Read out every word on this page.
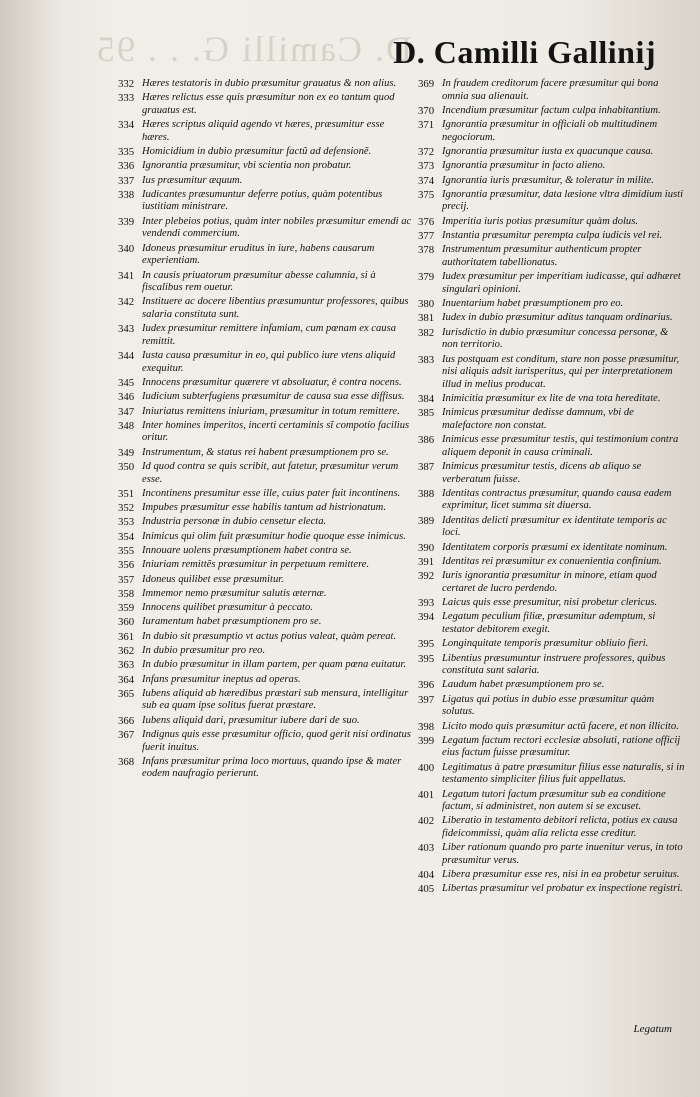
D. Camilli G. . . 95
D. Camilli Gallinij
332 Hæres testatoris in dubio præsumitur grauatus & non alius.
333 Hæres relictus esse quis præsumitur non ex eo tantum quod grauatus est.
334 Hæres scriptus aliquid agendo vt hæres, præsumitur esse hæres.
335 Homicidium in dubio præsumitur factũ ad defensionẽ.
336 Ignorantia præsumitur, vbi scientia non probatur.
337 Ius præsumitur æquum.
338 Iudicantes præsumuntur deferre potius, quàm potentibus iustitiam ministrare.
339 Inter plebeios potius, quàm inter nobiles præsumitur emendi ac vendendi commercium.
340 Idoneus præsumitur eruditus in iure, habens causarum experientiam.
341 In causis priuatorum præsumitur abesse calumnia, si à fiscalibus rem ouetur.
342 Instituere ac docere libentius præsumuntur professores, quibus salaria constituta sunt.
343 Iudex præsumitur remittere infamiam, cum pœnam ex causa remittit.
344 Iusta causa præsumitur in eo, qui publico iure vtens aliquid exequitur.
345 Innocens præsumitur quærere vt absoluatur, è contra nocens.
346 Iudicium subterfugiens præsumitur de causa sua esse diffisus.
347 Iniuriatus remittens iniuriam, præsumitur in totum remittere.
348 Inter homines imperitos, incerti certaminis sĩ compotio facilius oritur.
349 Instrumentum, & status rei habent præsumptionem pro se.
350 Id quod contra se quis scribit, aut fatetur, præsumitur verum esse.
351 Incontinens presumitur esse ille, cuius pater fuit incontinens.
352 Impubes præsumitur esse habilis tantum ad histrionatum.
353 Industria personæ in dubio censetur electa.
354 Inimicus qui olim fuit præsumitur hodie quoque esse inimicus.
355 Innouare uolens præsumptionem habet contra se.
356 Iniuriam remittẽs præsumitur in perpetuum remittere.
357 Idoneus quilibet esse præsumitur.
358 Immemor nemo præsumitur salutis æternæ.
359 Innocens quilibet præsumitur à peccato.
360 Iuramentum habet præsumptionem pro se.
361 In dubio sit præsumptio vt actus potius valeat, quàm pereat.
362 In dubio præsumitur pro reo.
363 In dubio præsumitur in illam partem, per quam pœna euitatur.
364 Infans præsumitur ineptus ad operas.
365 Iubens aliquid ab hæredibus præstari sub mensura, intelligitur sub ea quam ipse solitus fuerat præstare.
366 Iubens aliquid dari, præsumitur iubere dari de suo.
367 Indignus quis esse præsumitur officio, quod gerit nisi ordinatus fuerit inuitus.
368 Infans præsumitur prima loco mortuus, quando ipse & mater eodem naufragio perierunt.
369 In fraudem creditorum facere præsumitur qui bona omnia sua alienauit.
370 Incendium præsumitur factum culpa inhabitantium.
371 Ignorantia præsumitur in officiali ob multitudinem negociorum.
372 Ignorantia præsumitur iusta ex quacunque causa.
373 Ignorantia præsumitur in facto alieno.
374 Ignorantia iuris præsumitur, & toleratur in milite.
375 Ignorantia præsumitur, data læsione vltra dimidium iusti precij.
376 Imperitia iuris potius præsumitur quàm dolus.
377 Instantia præsumitur perempta culpa iudicis vel rei.
378 Instrumentum præsumitur authenticum propter authoritatem tabellionatus.
379 Iudex præsumitur per imperitiam iudicasse, qui adhæret singulari opinioni.
380 Inuentarium habet præsumptionem pro eo.
381 Iudex in dubio præsumitur aditus tanquam ordinarius.
382 Iurisdictio in dubio præsumitur concessa personæ, & non territorio.
383 Ius postquam est conditum, stare non posse præsumitur, nisi aliquis adsit iurisperitus, qui per interpretationem illud in melius producat.
384 Inimicitia præsumitur ex lite de vna tota hereditate.
385 Inimicus præsumitur dedisse damnum, vbi de malefactore non constat.
386 Inimicus esse præsumitur testis, qui testimonium contra aliquem deponit in causa criminali.
387 Inimicus præsumitur testis, dicens ab aliquo se verberatum fuisse.
388 Identitas contractus præsumitur, quando causa eadem exprimitur, licet summa sit diuersa.
389 Identitas delicti præsumitur ex identitate temporis ac loci.
390 Identitatem corporis præsumi ex identitate nominum.
391 Identitas rei præsumitur ex conuenientia confinium.
392 Iuris ignorantia præsumitur in minore, etiam quod certaret de lucro perdendo.
393 Laicus quis esse presumitur, nisi probetur clericus.
394 Legatum peculium filiæ, præsumitur ademptum, si testator debitorem exegit.
395 Longinquitate temporis præsumitur obliuio fieri.
395 Libentius præsumuntur instruere professores, quibus constituta sunt salaria.
396 Laudum habet præsumptionem pro se.
397 Ligatus qui potius in dubio esse præsumitur quàm solutus.
398 Licito modo quis præsumitur actũ facere, et non illicito.
399 Legatum factum rectori ecclesiæ absoluti, ratione officij eius factum fuisse præsumitur.
400 Legitimatus à patre præsumitur filius esse naturalis, si in testamento simpliciter filius fuit appellatus.
401 Legatum tutori factum præsumitur sub ea conditione factum, si administret, non autem si se excuset.
402 Liberatio in testamento debitori relicta, potius ex causa fideicommissi, quàm alia relicta esse creditur.
403 Liber rationum quando pro parte inuenitur verus, in toto præsumitur verus.
404 Libera præsumitur esse res, nisi in ea probetur seruitus.
405 Libertas præsumitur vel probatur ex inspectione registri.
Legatum
